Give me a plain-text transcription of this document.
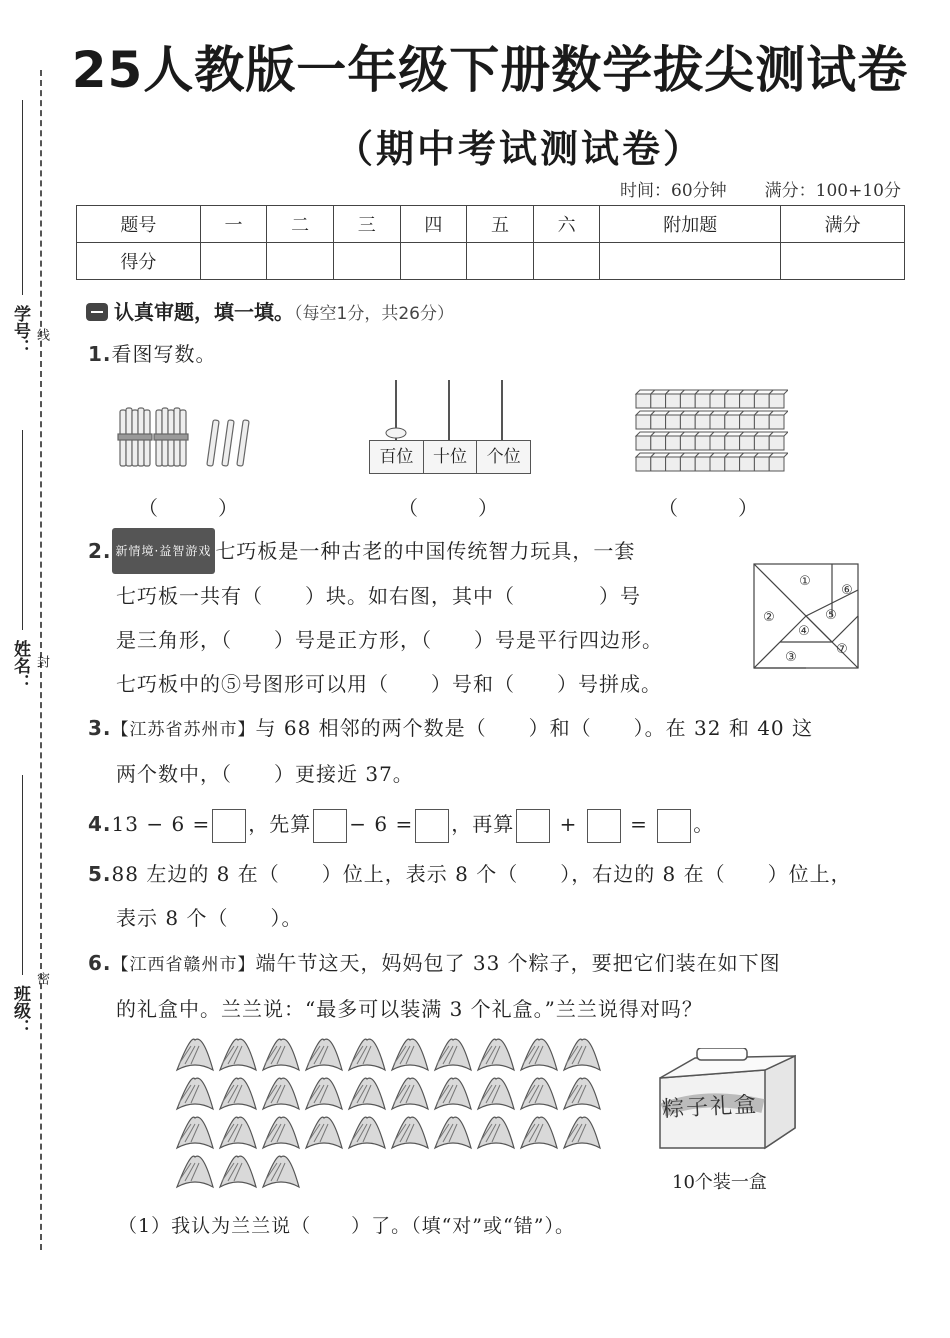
25人教版一年级下册数学拔尖测试卷
（期中考试测试卷）
时间：60分钟 满分：100+10分
题号	一	二	三	四	五	六	附加题	满分
得分								
学号： 线
姓名： 封
班级：
密
认真审题，填一填。（每空1分，共26分）
1.看图写数。
百位	十位	个位
（　　　）	（　　　）	（　　　）
2. 新情境·益智游戏 七巧板是一种古老的中国传统智力玩具，一套
七巧板一共有（　　）块。如右图，其中（　　　　）号
是三角形，（　　）号是正方形，（　　）号是平行四边形。
七巧板中的⑤号图形可以用（　　）号和（　　）号拼成。
①
②
③
④
⑤
⑥
⑦
3.【江苏省苏州市】与 68 相邻的两个数是（　　）和（　　）。在 32 和 40 这
两个数中，（　　）更接近 37。
4.13 − 6 = ，先算 − 6 = ，再算 +	= 。
5.88 左边的 8 在（　　）位上，表示 8 个（　　），右边的 8 在（　　）位上，
表示 8 个（　　）。
6.【江西省赣州市】端午节这天，妈妈包了 33 个粽子，要把它们装在如下图
的礼盒中。兰兰说：“最多可以装满 3 个礼盒。”兰兰说得对吗？
粽子礼盒
10个装一盒
（1）我认为兰兰说（　　）了。（填“对”或“错”）。
